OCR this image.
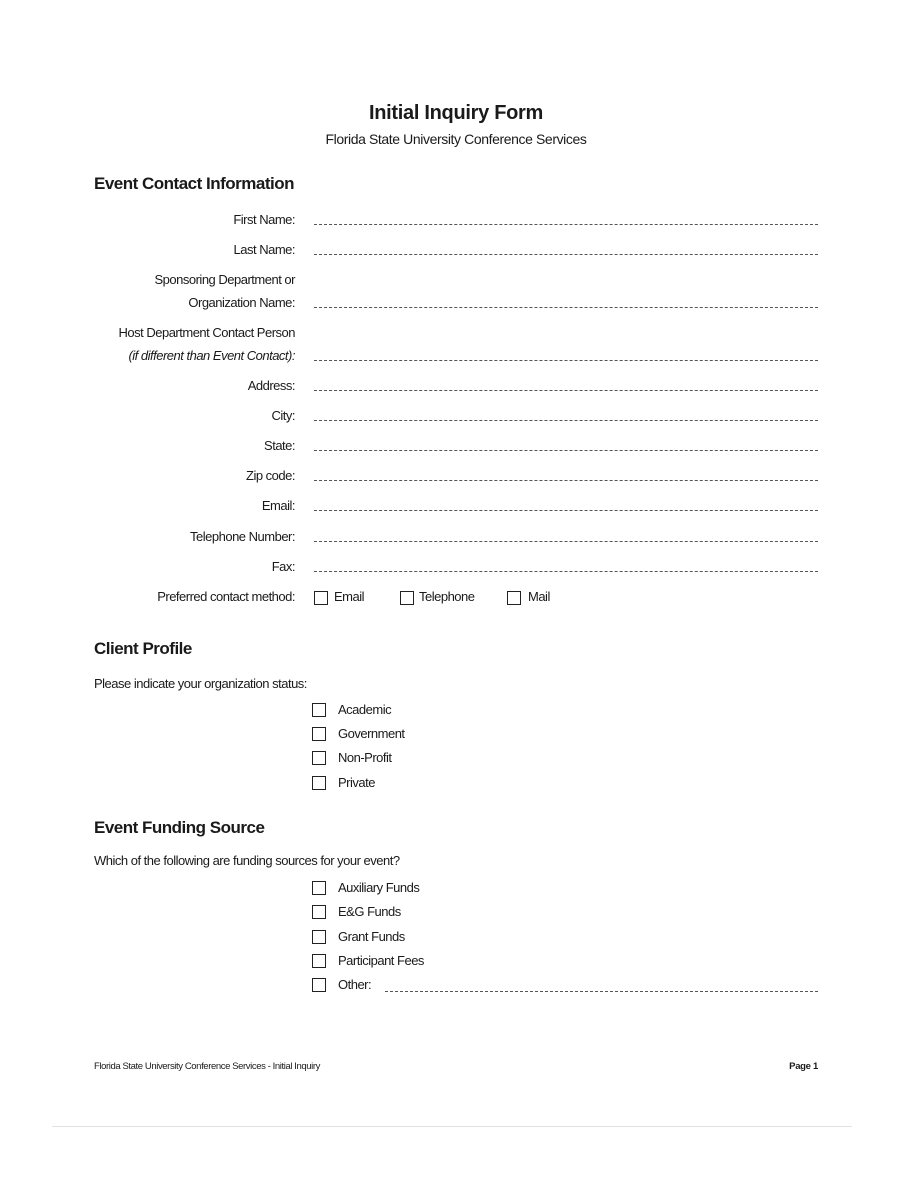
Initial Inquiry Form
Florida State University Conference Services
Event Contact Information
First Name:
Last Name:
Sponsoring Department or
Organization Name:
Host Department Contact Person
(if different than Event Contact):
Address:
City:
State:
Zip code:
Email:
Telephone Number:
Fax:
Preferred contact method:	Email	Telephone	Mail
Client Profile
Please indicate your organization status:
Academic
Government
Non-Profit
Private
Event Funding Source
Which of the following are funding sources for your event?
Auxiliary Funds
E&G Funds
Grant Funds
Participant Fees
Other:
Florida State University Conference Services - Initial Inquiry	Page 1
